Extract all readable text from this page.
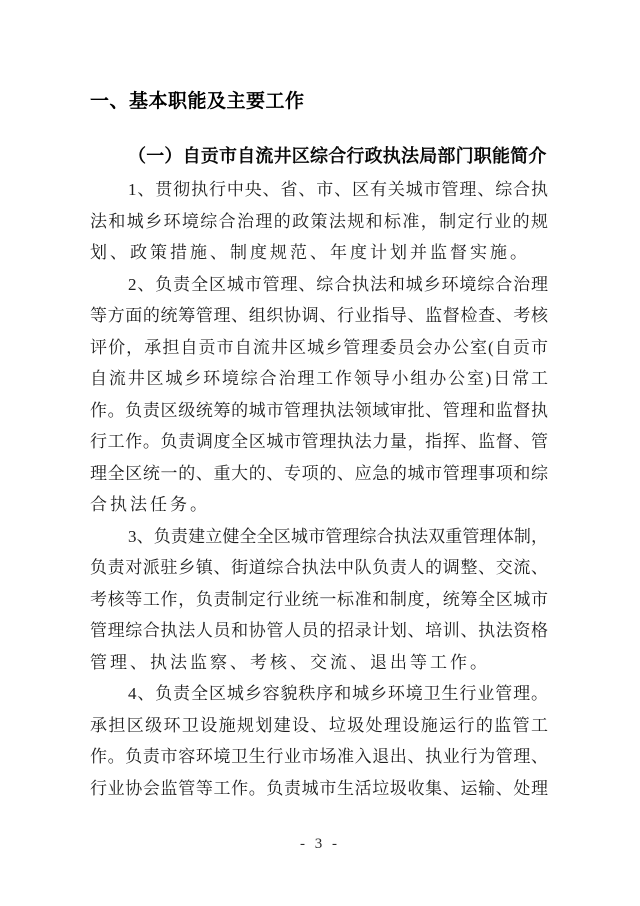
一、基本职能及主要工作
（一）自贡市自流井区综合行政执法局部门职能简介
1、贯彻执行中央、省、市、区有关城市管理、综合执
法和城乡环境综合治理的政策法规和标准，制定行业的规
划、政策措施、制度规范、年度计划并监督实施。
2、负责全区城市管理、综合执法和城乡环境综合治理
等方面的统筹管理、组织协调、行业指导、监督检查、考核
评价，承担自贡市自流井区城乡管理委员会办公室(自贡市
自流井区城乡环境综合治理工作领导小组办公室)日常工
作。负责区级统筹的城市管理执法领域审批、管理和监督执
行工作。负责调度全区城市管理执法力量，指挥、监督、管
理全区统一的、重大的、专项的、应急的城市管理事项和综
合执法任务。
3、负责建立健全全区城市管理综合执法双重管理体制，
负责对派驻乡镇、街道综合执法中队负责人的调整、交流、
考核等工作，负责制定行业统一标准和制度，统筹全区城市
管理综合执法人员和协管人员的招录计划、培训、执法资格
管理、执法监察、考核、交流、退出等工作。
4、负责全区城乡容貌秩序和城乡环境卫生行业管理。
承担区级环卫设施规划建设、垃圾处理设施运行的监管工
作。负责市容环境卫生行业市场准入退出、执业行为管理、
行业协会监管等工作。负责城市生活垃圾收集、运输、处理
- 3 -
